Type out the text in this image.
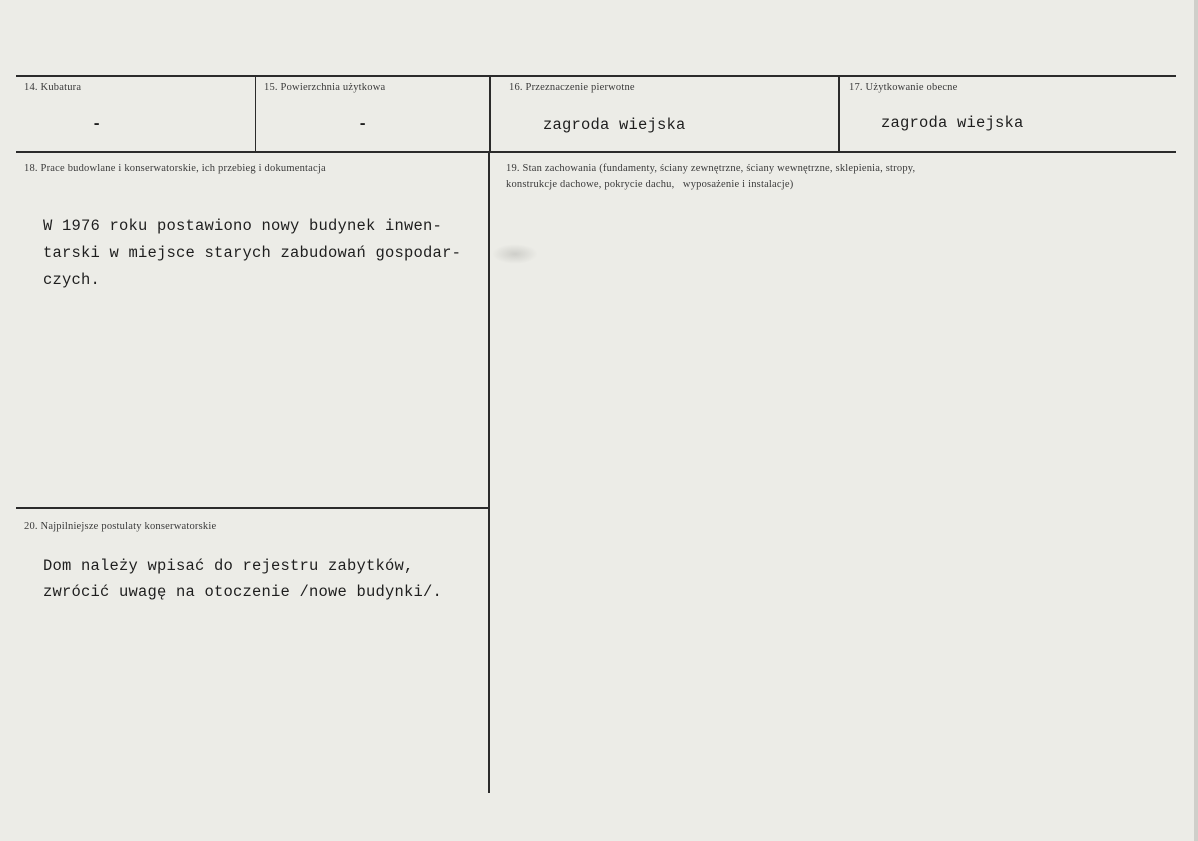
14. Kubatura
-
15. Powierzchnia użytkowa
-
16. Przeznaczenie pierwotne
zagroda wiejska
17. Użytkowanie obecne
zagroda wiejska
18. Prace budowlane i konserwatorskie, ich przebieg i dokumentacja
W 1976 roku postawiono nowy budynek inwen-
tarski w miejsce starych zabudowań gospodar-
czych.
19. Stan zachowania (fundamenty, ściany zewnętrzne, ściany wewnętrzne, sklepienia, stropy,
konstrukcje dachowe, pokrycie dachu,   wyposażenie i instalacje)
20. Najpilniejsze postulaty konserwatorskie
Dom należy wpisać do rejestru zabytków,
zwrócić uwagę na otoczenie /nowe budynki/.
